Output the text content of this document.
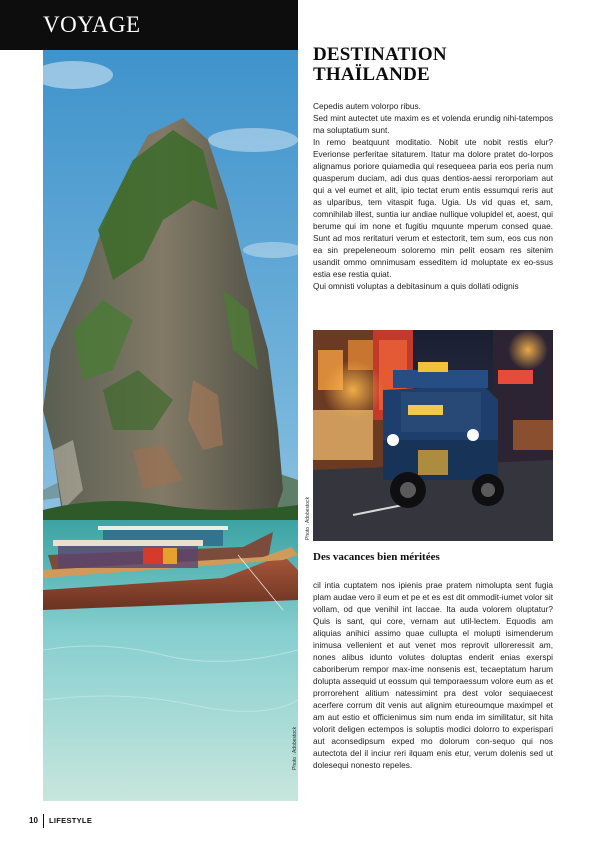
VOYAGE
Photo : Adobestock
DESTINATION
THAÏLANDE

Cepedis autem volorpo ribus.

Sed mint autectet ute maxim es et volenda erundig nihi-tatempos ma soluptatium sunt.

In remo beatquunt moditatio. Nobit ute nobit restis elur? Everionse perferitae sitaturem. Itatur ma dolore pratet do-lorpos alignamus poriore quiamedia qui resequeea paria eos peria num quasperum duciam, adi dus quas dentios-aessi rerorporiam aut qui a vel eumet et alit, ipio tectat erum entis essumqui reris aut as ulparibus, tem vitaspit fuga. Ugia. Us vid quas et, sam, comnihilab illest, suntia iur andiae nullique volupidel et, aoest, qui berume qui im none et fugitiu mquunte mperum consed quae. Sunt ad mos reritaturi verum et estectorit, tem sum, eos cus non ea sin prepeleneoum soloremo min pelit eosam res sitenim usandit ommo omnimusam esseditem id moluptate ex eo-ssus estia ese restia quiat.

Qui omnisti voluptas a debitasinum a quis dollati odignis

Photo : Adobestock
Des vacances bien méritées

cil intia cuptatem nos ipienis prae pratem nimolupta sent fugia plam audae vero il eum et pe et es est dit ommodit-iumet volor sit vollam, od que venihil int laccae. Ita auda volorem oluptatur? Quis is sant, qui core, vernam aut util-lectem. Equodis am aliquias anihici assimo quae cullupta el molupti isimenderum inimusa vellenient et aut venet mos reprovit ulloreressit am, nones alibus idunto volutes doluptas enderit enias exerspi caboriberum rempor max-ime nonsenis est, tecaeptatum harum dolupta assequid ut eossum qui temporaessum volore eum as et prorrorehent alitium natessimint pra dest volor sequiaecest acerfere corrum dit venis aut alignim etureoumque maximpel et am aut estio et officienimus sim num enda im similitatur, sit hita volorit deligen ectempos is soluptis modici dolorro to experispari aut aconsedipsum exped mo dolorum con-sequo qui nos autectota del il inciur reri ilquam enis etur, verum dolenis sed ut dolesequi nonesto repeles.

10 LIFESTYLE
